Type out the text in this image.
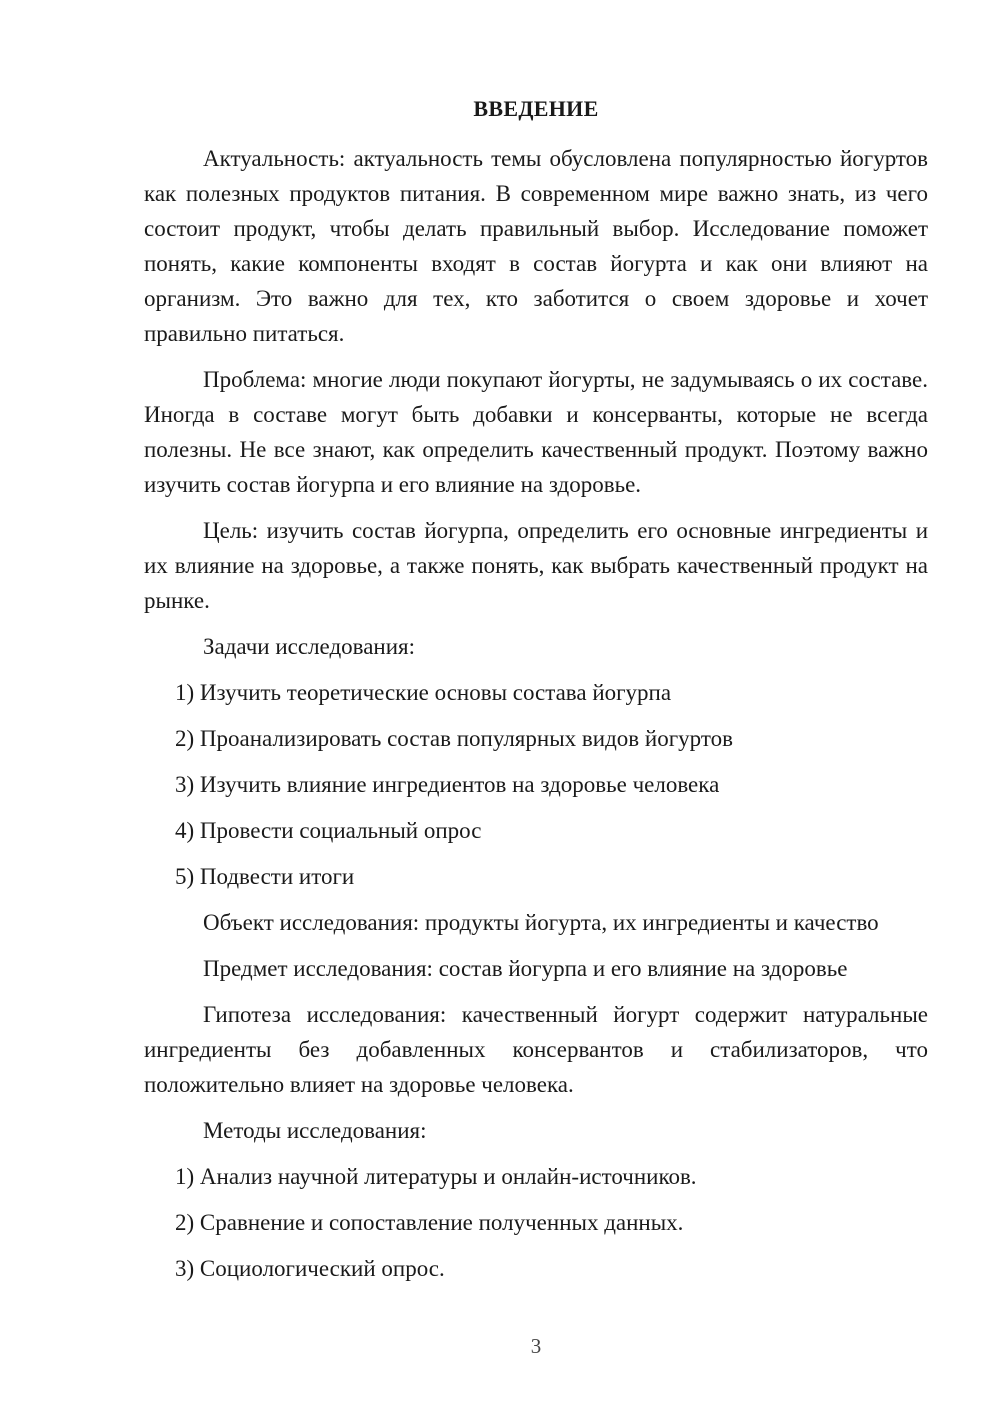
ВВЕДЕНИЕ

Актуальность: актуальность темы обусловлена популярностью йогуртов как полезных продуктов питания. В современном мире важно знать, из чего состоит продукт, чтобы делать правильный выбор. Исследование поможет понять, какие компоненты входят в состав йогурта и как они влияют на организм. Это важно для тех, кто заботится о своем здоровье и хочет правильно питаться.

Проблема: многие люди покупают йогурты, не задумываясь о их составе. Иногда в составе могут быть добавки и консерванты, которые не всегда полезны. Не все знают, как определить качественный продукт. Поэтому важно изучить состав йогурпа и его влияние на здоровье.

Цель: изучить состав йогурпа, определить его основные ингредиенты и их влияние на здоровье, а также понять, как выбрать качественный продукт на рынке.

Задачи исследования:

1) Изучить теоретические основы состава йогурпа
2) Проанализировать состав популярных видов йогуртов
3) Изучить влияние ингредиентов на здоровье человека
4) Провести социальный опрос
5) Подвести итоги

Объект исследования: продукты йогурта, их ингредиенты и качество

Предмет исследования: состав йогурпа и его влияние на здоровье

Гипотеза исследования: качественный йогурт содержит натуральные ингредиенты без добавленных консервантов и стабилизаторов, что положительно влияет на здоровье человека.

Методы исследования:

1) Анализ научной литературы и онлайн-источников.
2) Сравнение и сопоставление полученных данных.
3) Социологический опрос.
3
